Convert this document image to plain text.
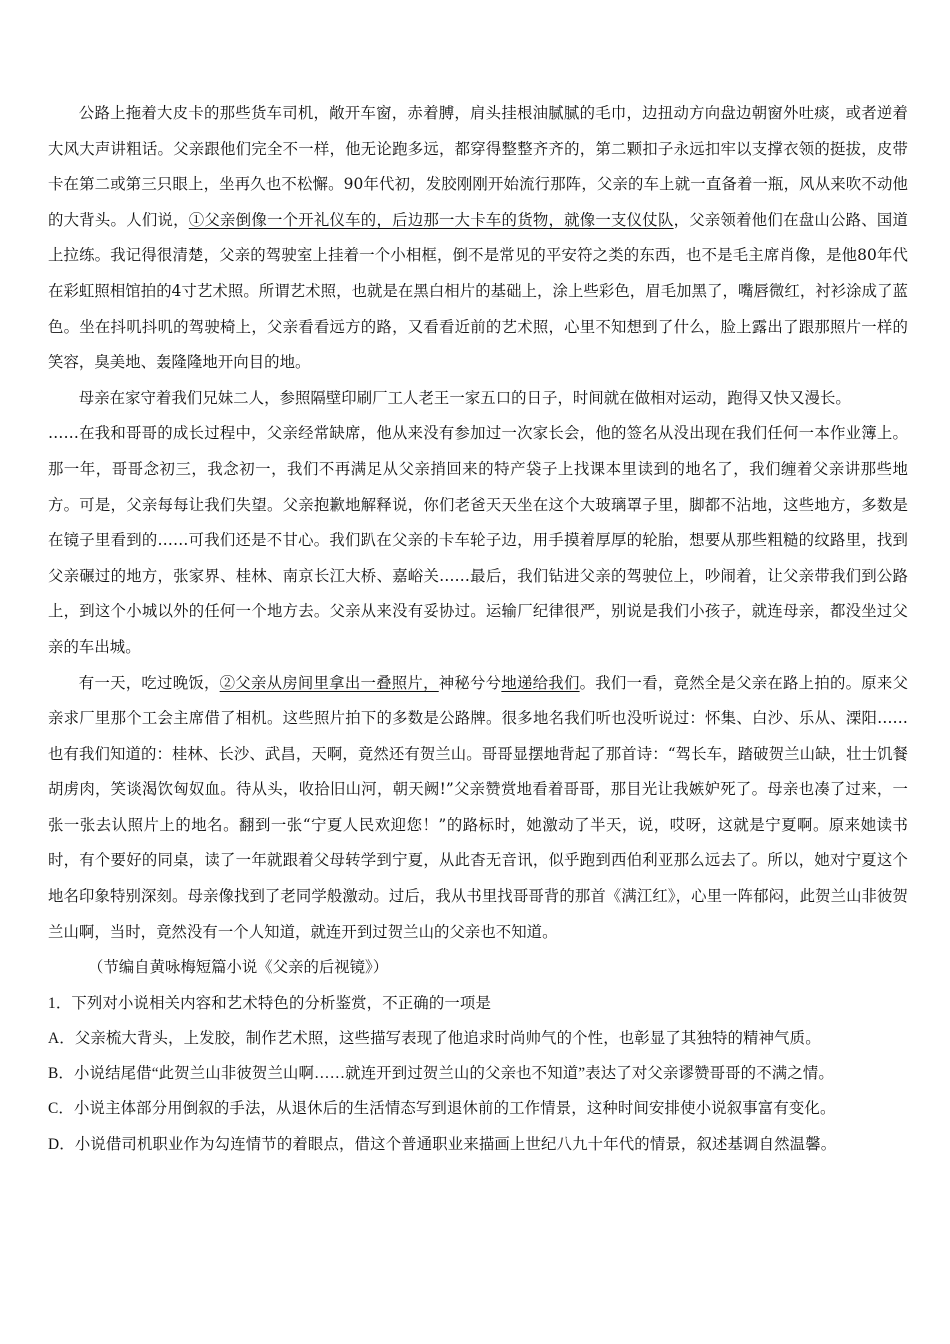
公路上拖着大皮卡的那些货车司机，敞开车窗，赤着膊，肩头挂根油腻腻的毛巾，边扭动方向盘边朝窗外吐痰，或者逆着大风大声讲粗话。父亲跟他们完全不一样，他无论跑多远，都穿得整整齐齐的，第二颗扣子永远扣牢以支撑衣领的挺拔，皮带卡在第二或第三只眼上，坐再久也不松懈。90年代初，发胶刚刚开始流行那阵，父亲的车上就一直备着一瓶，风从来吹不动他的大背头。人们说，①父亲倒像一个开礼仪车的，后边那一大卡车的货物，就像一支仪仗队，父亲领着他们在盘山公路、国道上拉练。我记得很清楚，父亲的驾驶室上挂着一个小相框，倒不是常见的平安符之类的东西，也不是毛主席肖像，是他80年代在彩虹照相馆拍的4寸艺术照。所谓艺术照，也就是在黑白相片的基础上，涂上些彩色，眉毛加黑了，嘴唇微红，衬衫涂成了蓝色。坐在抖叽抖叽的驾驶椅上，父亲看看远方的路，又看看近前的艺术照，心里不知想到了什么，脸上露出了跟那照片一样的笑容，臭美地、轰隆隆地开向目的地。

母亲在家守着我们兄妹二人，参照隔壁印刷厂工人老王一家五口的日子，时间就在做相对运动，跑得又快又漫长。

……在我和哥哥的成长过程中，父亲经常缺席，他从来没有参加过一次家长会，他的签名从没出现在我们任何一本作业簿上。那一年，哥哥念初三，我念初一，我们不再满足从父亲捎回来的特产袋子上找课本里读到的地名了，我们缠着父亲讲那些地方。可是，父亲每每让我们失望。父亲抱歉地解释说，你们老爸天天坐在这个大玻璃罩子里，脚都不沾地，这些地方，多数是在镜子里看到的……可我们还是不甘心。我们趴在父亲的卡车轮子边，用手摸着厚厚的轮胎，想要从那些粗糙的纹路里，找到父亲碾过的地方，张家界、桂林、南京长江大桥、嘉峪关……最后，我们钻进父亲的驾驶位上，吵闹着，让父亲带我们到公路上，到这个小城以外的任何一个地方去。父亲从来没有妥协过。运输厂纪律很严，别说是我们小孩子，就连母亲，都没坐过父亲的车出城。

有一天，吃过晚饭，②父亲从房间里拿出一叠照片，神秘兮兮地递给我们。我们一看，竟然全是父亲在路上拍的。原来父亲求厂里那个工会主席借了相机。这些照片拍下的多数是公路牌。很多地名我们听也没听说过：怀集、白沙、乐从、溧阳……也有我们知道的：桂林、长沙、武昌，天啊，竟然还有贺兰山。哥哥显摆地背起了那首诗：“驾长车，踏破贺兰山缺，壮士饥餐胡虏肉，笑谈渴饮匈奴血。待从头，收拾旧山河，朝天阙!”父亲赞赏地看着哥哥，那目光让我嫉妒死了。母亲也凑了过来，一张一张去认照片上的地名。翻到一张“宁夏人民欢迎您！”的路标时，她激动了半天，说，哎呀，这就是宁夏啊。原来她读书时，有个要好的同桌，读了一年就跟着父母转学到宁夏，从此杳无音讯，似乎跑到西伯利亚那么远去了。所以，她对宁夏这个地名印象特别深刻。母亲像找到了老同学般激动。过后，我从书里找哥哥背的那首《满江红》，心里一阵郁闷，此贺兰山非彼贺兰山啊，当时，竟然没有一个人知道，就连开到过贺兰山的父亲也不知道。

（节编自黄咏梅短篇小说《父亲的后视镜》）

1．下列对小说相关内容和艺术特色的分析鉴赏，不正确的一项是

A．父亲梳大背头，上发胶，制作艺术照，这些描写表现了他追求时尚帅气的个性，也彰显了其独特的精神气质。

B．小说结尾借“此贺兰山非彼贺兰山啊……就连开到过贺兰山的父亲也不知道”表达了对父亲谬赞哥哥的不满之情。

C．小说主体部分用倒叙的手法，从退休后的生活情态写到退休前的工作情景，这种时间安排使小说叙事富有变化。

D．小说借司机职业作为勾连情节的着眼点，借这个普通职业来描画上世纪八九十年代的情景，叙述基调自然温馨。
